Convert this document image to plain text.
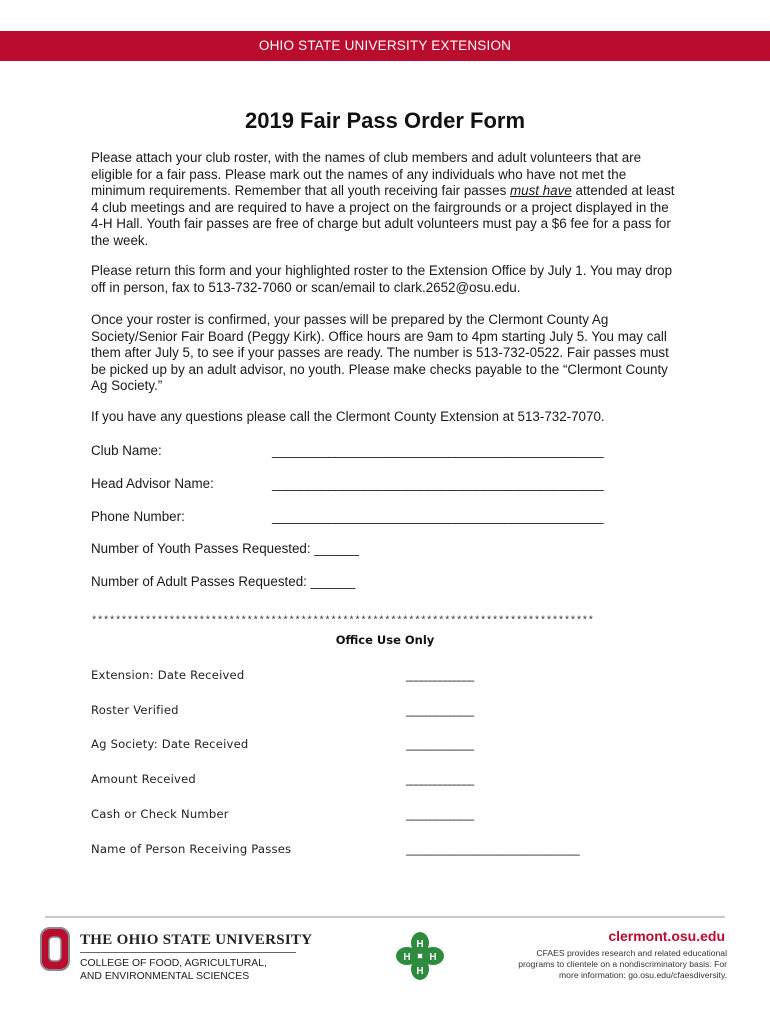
OHIO STATE UNIVERSITY EXTENSION
2019 Fair Pass Order Form
Please attach your club roster, with the names of club members and adult volunteers that are eligible for a fair pass. Please mark out the names of any individuals who have not met the minimum requirements. Remember that all youth receiving fair passes must have attended at least 4 club meetings and are required to have a project on the fairgrounds or a project displayed in the 4-H Hall. Youth fair passes are free of charge but adult volunteers must pay a $6 fee for a pass for the week.
Please return this form and your highlighted roster to the Extension Office by July 1. You may drop off in person, fax to 513-732-7060 or scan/email to clark.2652@osu.edu.
Once your roster is confirmed, your passes will be prepared by the Clermont County Ag Society/Senior Fair Board (Peggy Kirk). Office hours are 9am to 4pm starting July 5. You may call them after July 5, to see if your passes are ready. The number is 513-732-0522. Fair passes must be picked up by an adult advisor, no youth. Please make checks payable to the “Clermont County Ag Society.”
If you have any questions please call the Clermont County Extension at 513-732-7070.
Club Name:	_______________________________________________
Head Advisor Name:	_______________________________________________
Phone Number:	_______________________________________________
Number of Youth Passes Requested: ______
Number of Adult Passes Requested: ______
************************************************************************************
Office Use Only
Extension: Date Received	______________
Roster Verified	______________
Ag Society: Date Received	______________
Amount Received	______________
Cash or Check Number	______________
Name of Person Receiving Passes	____________________________________
THE OHIO STATE UNIVERSITY
COLLEGE OF FOOD, AGRICULTURAL,
AND ENVIRONMENTAL SCIENCES
H
H
H H
clermont.osu.edu
CFAES provides research and related educational
programs to clientele on a nondiscriminatory basis. For
more information: go.osu.edu/cfaesdiversity.
